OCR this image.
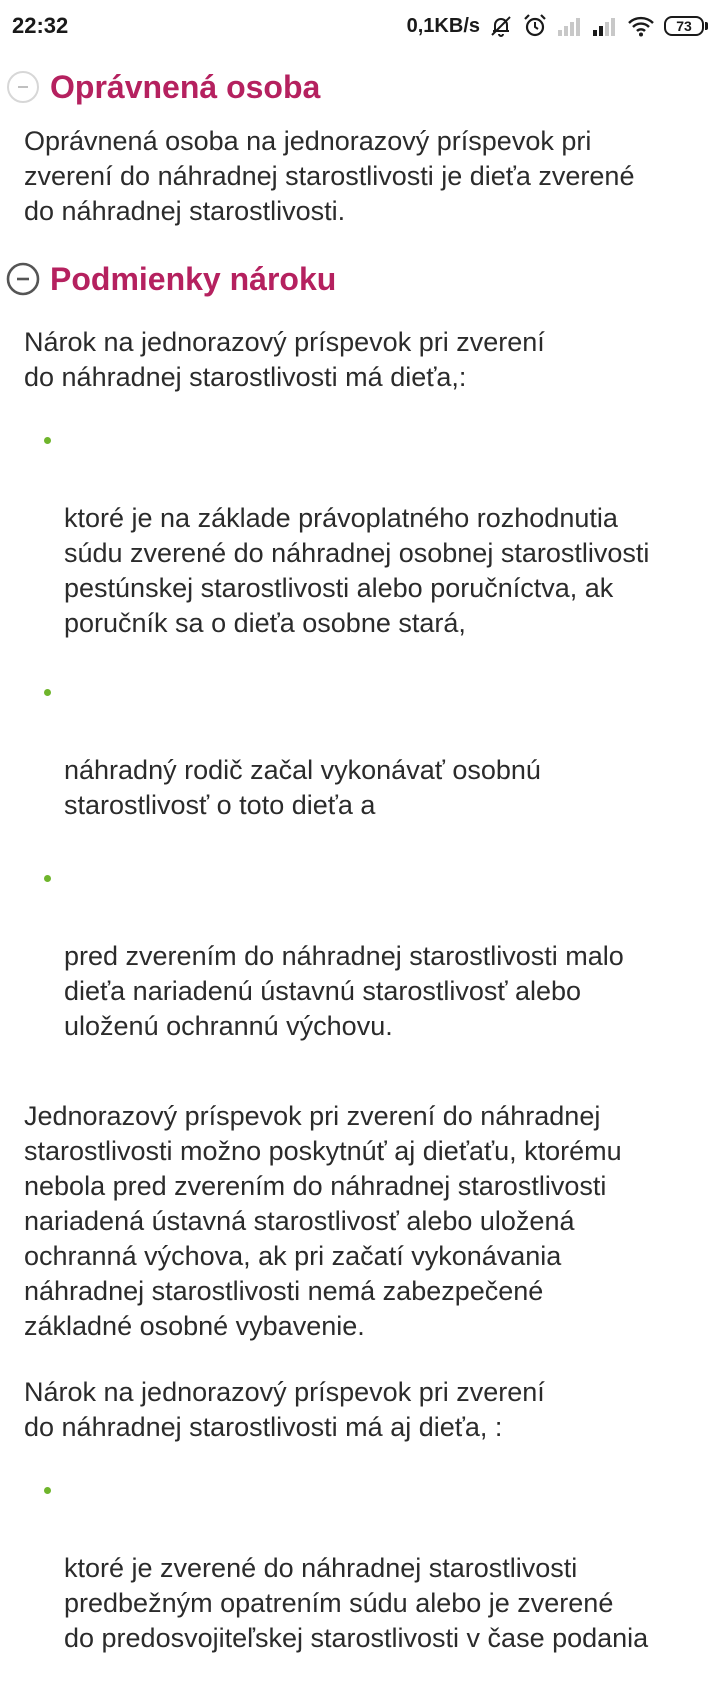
22:32	0,1KB/s	73
Oprávnená osoba

Oprávnená osoba na jednorazový príspevok pri
zverení do náhradnej starostlivosti je dieťa zverené
do náhradnej starostlivosti.

Podmienky nároku

Nárok na jednorazový príspevok pri zverení
do náhradnej starostlivosti má dieťa,:

ktoré je na základe právoplatného rozhodnutia
súdu zverené do náhradnej osobnej starostlivosti
pestúnskej starostlivosti alebo poručníctva, ak
poručník sa o dieťa osobne stará,

náhradný rodič začal vykonávať osobnú
starostlivosť o toto dieťa a

pred zverením do náhradnej starostlivosti malo
dieťa nariadenú ústavnú starostlivosť alebo
uloženú ochrannú výchovu.

Jednorazový príspevok pri zverení do náhradnej
starostlivosti možno poskytnúť aj dieťaťu, ktorému
nebola pred zverením do náhradnej starostlivosti
nariadená ústavná starostlivosť alebo uložená
ochranná výchova, ak pri začatí vykonávania
náhradnej starostlivosti nemá zabezpečené
základné osobné vybavenie.

Nárok na jednorazový príspevok pri zverení
do náhradnej starostlivosti má aj dieťa, :

ktoré je zverené do náhradnej starostlivosti
predbežným opatrením súdu alebo je zverené
do predosvojiteľskej starostlivosti v čase podania
